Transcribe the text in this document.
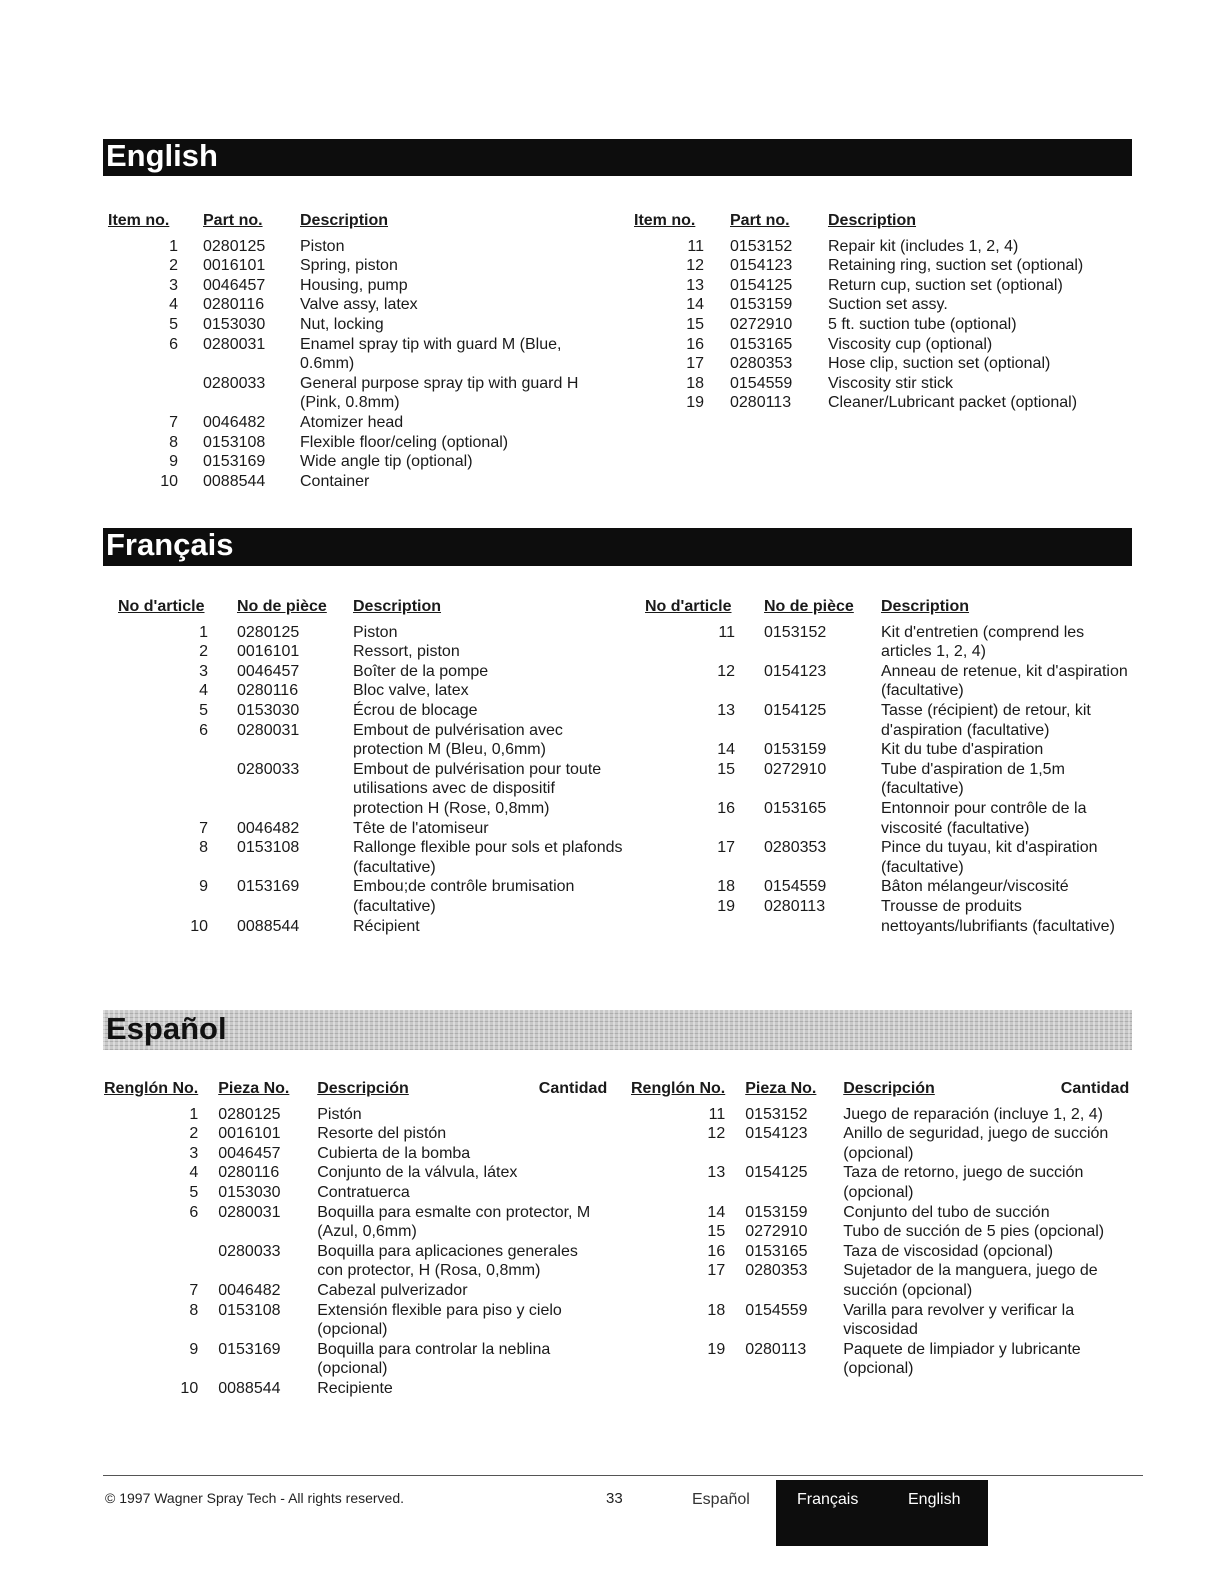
English
Item no.		Part no.	Description
1		0280125	Piston
2		0016101	Spring, piston
3		0046457	Housing, pump
4		0280116	Valve assy, latex
5		0153030	Nut, locking
6		0280031	Enamel spray tip with guard M (Blue, 0.6mm)
		0280033	General purpose spray tip with guard H (Pink, 0.8mm)
7		0046482	Atomizer head
8		0153108	Flexible floor/celing (optional)
9		0153169	Wide angle tip (optional)
10		0088544	Container
Item no.		Part no.	Description
11		0153152	Repair kit (includes 1, 2, 4)
12		0154123	Retaining ring, suction set (optional)
13		0154125	Return cup, suction set (optional)
14		0153159	Suction set assy.
15		0272910	5 ft. suction tube (optional)
16		0153165	Viscosity cup (optional)
17		0280353	Hose clip, suction set (optional)
18		0154559	Viscosity stir stick
19		0280113	Cleaner/Lubricant packet (optional)
Français
No d'article		No de pièce	Description
1		0280125	Piston
2		0016101	Ressort, piston
3		0046457	Boîter de la pompe
4		0280116	Bloc valve, latex
5		0153030	Écrou de blocage
6		0280031	Embout de pulvérisation avec protection M (Bleu, 0,6mm)
		0280033	Embout de pulvérisation pour toute utilisations avec de dispositif protection H (Rose, 0,8mm)
7		0046482	Tête de l'atomiseur
8		0153108	Rallonge flexible pour sols et plafonds (facultative)
9		0153169	Embou;de contrôle brumisation (facultative)
10		0088544	Récipient
No d'article		No de pièce	Description
11		0153152	Kit d'entretien (comprend les articles 1, 2, 4)
12		0154123	Anneau de retenue, kit d'aspiration (facultative)
13		0154125	Tasse (récipient) de retour, kit d'aspiration (facultative)
14		0153159	Kit du tube d'aspiration
15		0272910	Tube d'aspiration de 1,5m (facultative)
16		0153165	Entonnoir pour contrôle de la viscosité (facultative)
17		0280353	Pince du tuyau, kit d'aspiration (facultative)
18		0154559	Bâton mélangeur/viscosité
19		0280113	Trousse de produits nettoyants/lubrifiants (facultative)
Español
Renglón No.		Pieza No.	Descripción Cantidad

1		0280125	Pistón
2		0016101	Resorte del pistón
3		0046457	Cubierta de la bomba
4		0280116	Conjunto de la válvula, látex
5		0153030	Contratuerca
6		0280031	Boquilla para esmalte con protector, M (Azul, 0,6mm)
		0280033	Boquilla para aplicaciones generales con protector, H (Rosa, 0,8mm)
7		0046482	Cabezal pulverizador
8		0153108	Extensión flexible para piso y cielo (opcional)
9		0153169	Boquilla para controlar la neblina (opcional)
10		0088544	Recipiente
Renglón No.		Pieza No.	Descripción Cantidad

11		0153152	Juego de reparación (incluye 1, 2, 4)
12		0154123	Anillo de seguridad, juego de succión (opcional)
13		0154125	Taza de retorno, juego de succión (opcional)
14		0153159	Conjunto del tubo de succión
15		0272910	Tubo de succión de 5 pies (opcional)
16		0153165	Taza de viscosidad (opcional)
17		0280353	Sujetador de la manguera, juego de succión (opcional)
18		0154559	Varilla para revolver y verificar la viscosidad
19		0280113	Paquete de limpiador y lubricante (opcional)
© 1997 Wagner Spray Tech - All rights reserved.	33	Español	Français	English
